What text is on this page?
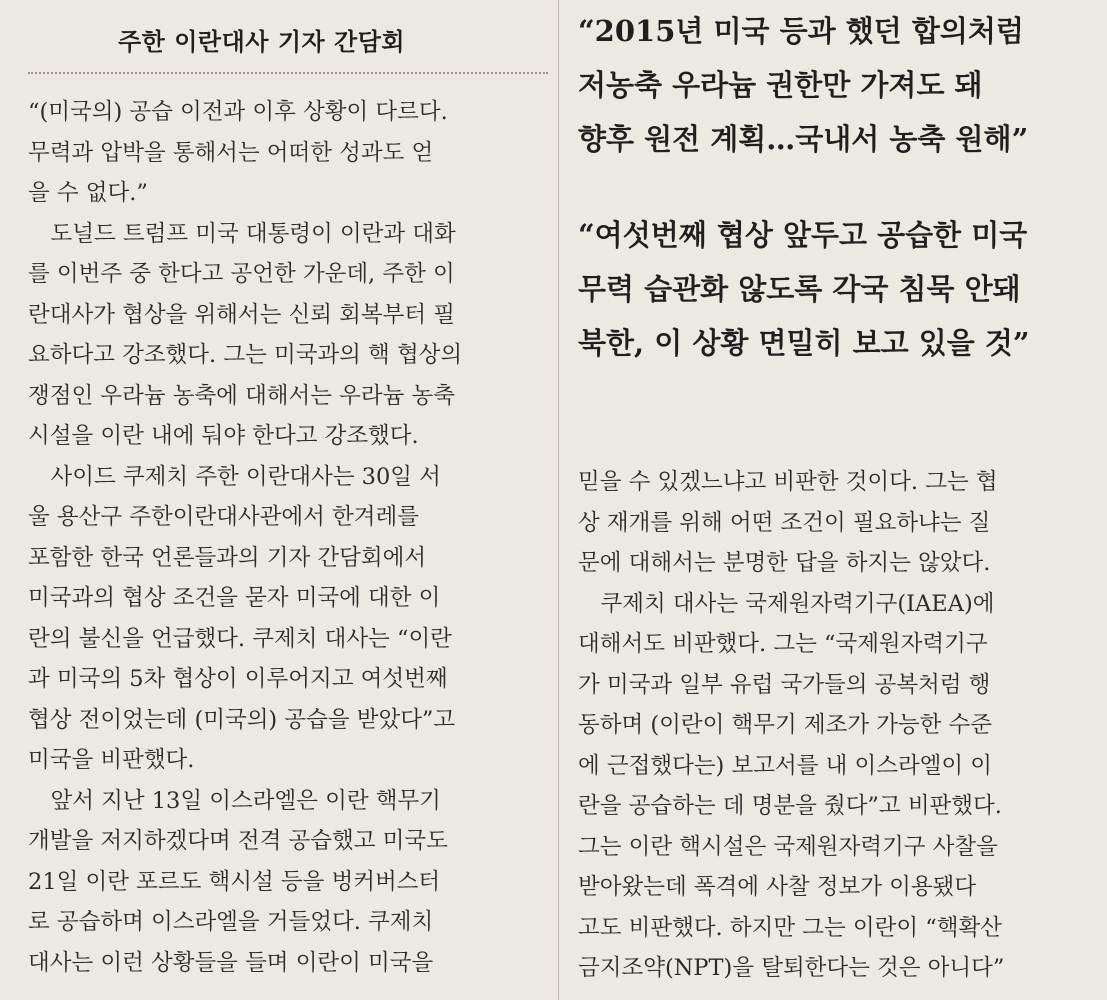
주한 이란대사 기자 간담회
“(미국의) 공습 이전과 이후 상황이 다르다.
무력과 압박을 통해서는 어떠한 성과도 얻
을 수 없다.”
　도널드 트럼프 미국 대통령이 이란과 대화
를 이번주 중 한다고 공언한 가운데, 주한 이
란대사가 협상을 위해서는 신뢰 회복부터 필
요하다고 강조했다. 그는 미국과의 핵 협상의
쟁점인 우라늄 농축에 대해서는 우라늄 농축
시설을 이란 내에 둬야 한다고 강조했다.
　사이드 쿠제치 주한 이란대사는 30일 서
울 용산구 주한이란대사관에서 한겨레를
포함한 한국 언론들과의 기자 간담회에서
미국과의 협상 조건을 묻자 미국에 대한 이
란의 불신을 언급했다. 쿠제치 대사는 “이란
과 미국의 5차 협상이 이루어지고 여섯번째
협상 전이었는데 (미국의) 공습을 받았다”고
미국을 비판했다.
　앞서 지난 13일 이스라엘은 이란 핵무기
개발을 저지하겠다며 전격 공습했고 미국도
21일 이란 포르도 핵시설 등을 벙커버스터
로 공습하며 이스라엘을 거들었다. 쿠제치
대사는 이런 상황들을 들며 이란이 미국을
“2015년 미국 등과 했던 합의처럼
저농축 우라늄 권한만 가져도 돼
향후 원전 계획…국내서 농축 원해”
“여섯번째 협상 앞두고 공습한 미국
무력 습관화 않도록 각국 침묵 안돼
북한, 이 상황 면밀히 보고 있을 것”
믿을 수 있겠느냐고 비판한 것이다. 그는 협
상 재개를 위해 어떤 조건이 필요하냐는 질
문에 대해서는 분명한 답을 하지는 않았다.
　쿠제치 대사는 국제원자력기구(IAEA)에
대해서도 비판했다. 그는 “국제원자력기구
가 미국과 일부 유럽 국가들의 공복처럼 행
동하며 (이란이 핵무기 제조가 가능한 수준
에 근접했다는) 보고서를 내 이스라엘이 이
란을 공습하는 데 명분을 줬다”고 비판했다.
그는 이란 핵시설은 국제원자력기구 사찰을
받아왔는데 폭격에 사찰 정보가 이용됐다
고도 비판했다. 하지만 그는 이란이 “핵확산
금지조약(NPT)을 탈퇴한다는 것은 아니다”
